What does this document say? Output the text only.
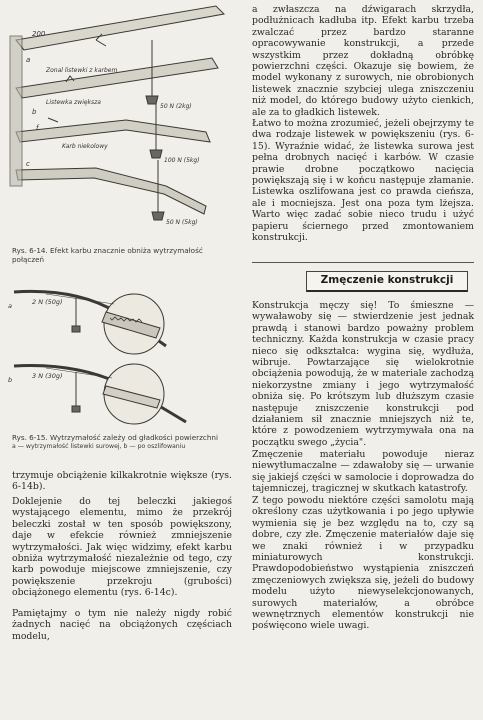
200
a
Zonal listewki z karbem
Listewka zwiększa
b
f
Karb niekolowy
c
50 N (2kg)
100 N (5kg)
50 N (5kg)
Rys. 6-14. Efekt karbu znacznie obniża wytrzymałość połączeń
a	2 N (50g)
b	3 N (30g)
Rys. 6-15. Wytrzymałość zależy od gładkości powierzchni
a — wytrzymałość listewki surowej, b — po oszlifowaniu

trzymuje obciążenie kilkakrotnie większe (rys. 6-14b).

Doklejenie do tej beleczki jakiegoś wystającego elementu, mimo że przekrój beleczki został w ten sposób powiększony, daje w efekcie również zmniejszenie wytrzymałości. Jak więc widzimy, efekt karbu obniża wytrzymałość niezależnie od tego, czy karb powoduje miejscowe zmniejszenie, czy powiększenie przekroju (grubości) obciążonego elementu (rys. 6-14c).

Pamiętajmy o tym nie należy nigdy robić żadnych nacięć na obciążonych częściach modelu,

a zwłaszcza na dźwigarach skrzydła, podłużnicach kadłuba itp. Efekt karbu trzeba zwalczać przez bardzo staranne opracowywanie konstrukcji, a przede wszystkim przez dokładną obróbkę powierzchni części. Okazuje się bowiem, że model wykonany z surowych, nie obrobionych listewek znacznie szybciej ulega zniszczeniu niż model, do którego budowy użyto cienkich, ale za to gładkich listewek.

Łatwo to można zrozumieć, jeżeli obejrzymy te dwa rodzaje listewek w powiększeniu (rys. 6-15). Wyraźnie widać, że listewka surowa jest pełna drobnych nacięć i karbów. W czasie prawie drobne początkowo nacięcia powiększają się i w końcu następuje złamanie. Listewka oszlifowana jest co prawda cieńsza, ale i mocniejsza. Jest ona poza tym lżejsza. Warto więc zadać sobie nieco trudu i użyć papieru ściernego przed zmontowaniem konstrukcji.

Zmęczenie konstrukcji

Konstrukcja męczy się! To śmieszne — wywaławoby się — stwierdzenie jest jednak prawdą i stanowi bardzo poważny problem techniczny. Każda konstrukcja w czasie pracy nieco się odkształca: wygina się, wydłuża, wibruje. Powtarzające się wielokrotnie obciążenia powodują, że w materiale zachodzą niekorzystne zmiany i jego wytrzymałość obniża się. Po krótszym lub dłuższym czasie następuje zniszczenie konstrukcji pod działaniem sił znacznie mniejszych niż te, które z powodzeniem wytrzymywała ona na początku swego „życia".

Zmęczenie materiału powoduje nieraz niewytłumaczalne — zdawałoby się — urwanie się jakiejś części w samolocie i doprowadza do tajemniczej, tragicznej w skutkach katastrofy.

Z tego powodu niektóre części samolotu mają określony czas użytkowania i po jego upływie wymienia się je bez względu na to, czy są dobre, czy złe. Zmęczenie materiałów daje się we znaki również i w przypadku miniaturowych konstrukcji. Prawdopodobieństwo wystąpienia zniszczeń zmęczeniowych zwiększa się, jeżeli do budowy modelu użyto niewyselekcjonowanych, surowych materiałów, a obróbce wewnętrznych elementów konstrukcji nie poświęcono wiele uwagi.
